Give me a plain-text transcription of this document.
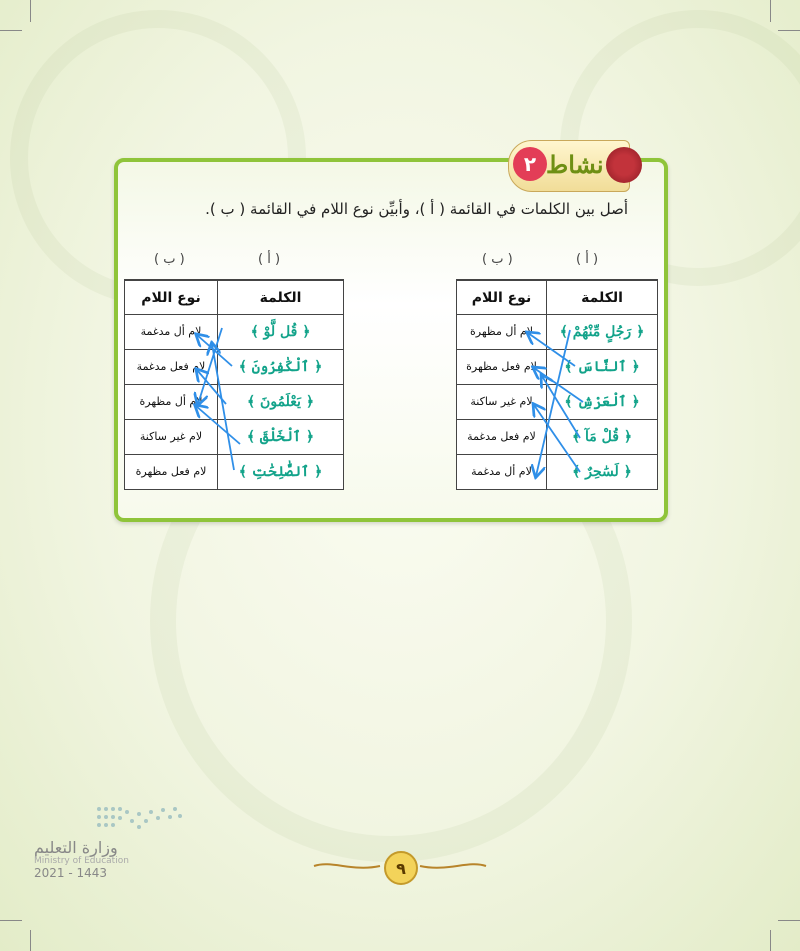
٢ نشاط
أصل بين الكلمات في القائمة ( أ )، وأبيِّن نوع اللام في القائمة ( ب ).
( أ )
( ب )
( أ )
( ب )
نوع اللام	الكلمة
لام أل مظهرة	﴿ رَجُلٍ مِّنْهُمْ ﴾
لام فعل مظهرة	﴿ ٱلنَّاسَ ﴾
لام غير ساكنة	﴿ ٱلْعَرْشِ ﴾
لام فعل مدغمة	﴿ قُلْ مَآ ﴾
لام أل مدغمة	﴿ لَسَٰحِرٌ ﴾
نوع اللام	الكلمة
لام أل مدغمة	﴿ قُل لَّوْ ﴾
لام فعل مدغمة	﴿ ٱلْكَٰفِرُونَ ﴾
لام أل مظهرة	﴿ يَعْلَمُونَ ﴾
لام غير ساكنة	﴿ ٱلْخَلْقَ ﴾
لام فعل مظهرة	﴿ ٱلصَّٰلِحَٰتِ ﴾
وزارة التعليم
Ministry of Education
2021 - 1443	٩
